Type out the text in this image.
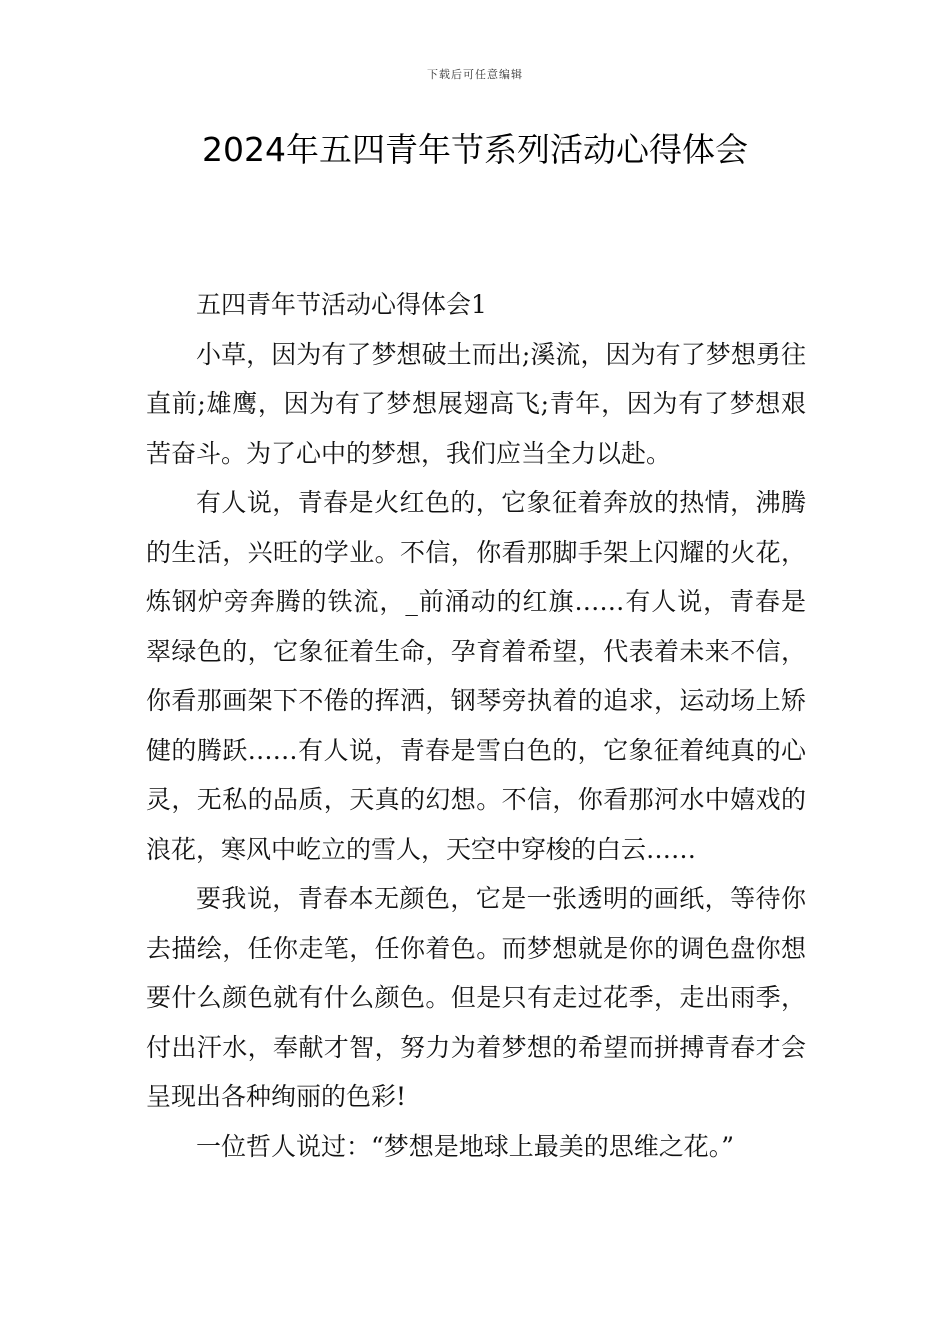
下载后可任意编辑
2024年五四青年节系列活动心得体会

五四青年节活动心得体会1

小草，因为有了梦想破土而出;溪流，因为有了梦想勇往直前;雄鹰，因为有了梦想展翅高飞;青年，因为有了梦想艰苦奋斗。为了心中的梦想，我们应当全力以赴。

有人说，青春是火红色的，它象征着奔放的热情，沸腾的生活，兴旺的学业。不信，你看那脚手架上闪耀的火花，炼钢炉旁奔腾的铁流，_前涌动的红旗……有人说，青春是翠绿色的，它象征着生命，孕育着希望，代表着未来不信，你看那画架下不倦的挥洒，钢琴旁执着的追求，运动场上矫健的腾跃……有人说，青春是雪白色的，它象征着纯真的心灵，无私的品质，天真的幻想。不信，你看那河水中嬉戏的浪花，寒风中屹立的雪人，天空中穿梭的白云……

要我说，青春本无颜色，它是一张透明的画纸，等待你去描绘，任你走笔，任你着色。而梦想就是你的调色盘你想要什么颜色就有什么颜色。但是只有走过花季，走出雨季，付出汗水，奉献才智，努力为着梦想的希望而拼搏青春才会呈现出各种绚丽的色彩!

一位哲人说过：“梦想是地球上最美的思维之花。”
